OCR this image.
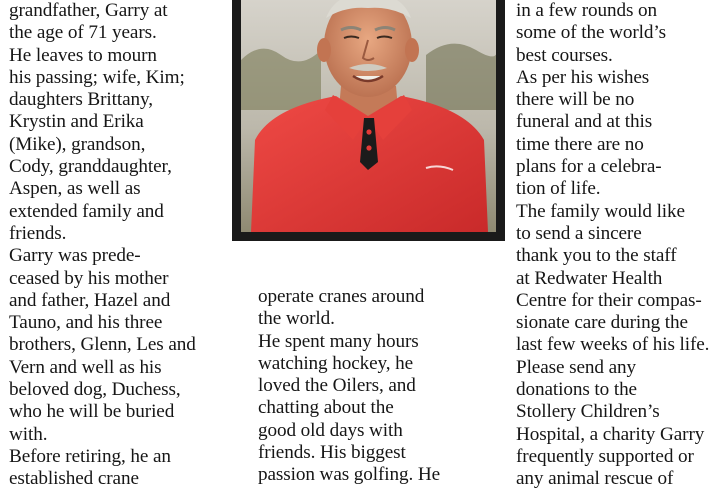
grandfather, Garry at
the age of 71 years.
He leaves to mourn
his passing; wife, Kim;
daughters Brittany,
Krystin and Erika
(Mike), grandson,
Cody, granddaughter,
Aspen, as well as
extended family and
friends.
Garry was prede-
ceased by his mother
and father, Hazel and
Tauno, and his three
brothers, Glenn, Les and
Vern and well as his
beloved dog, Duchess,
who he will be buried
with.
Before retiring, he an
established crane
operate cranes around
the world.
He spent many hours
watching hockey, he
loved the Oilers, and
chatting about the
good old days with
friends. His biggest
passion was golfing. He
in a few rounds on
some of the world’s
best courses.
As per his wishes
there will be no
funeral and at this
time there are no
plans for a celebra-
tion of life.
The family would like
to send a sincere
thank you to the staff
at Redwater Health
Centre for their compas-
sionate care during the
last few weeks of his life.
Please send any
donations to the
Stollery Children’s
Hospital, a charity Garry
frequently supported or
any animal rescue of
